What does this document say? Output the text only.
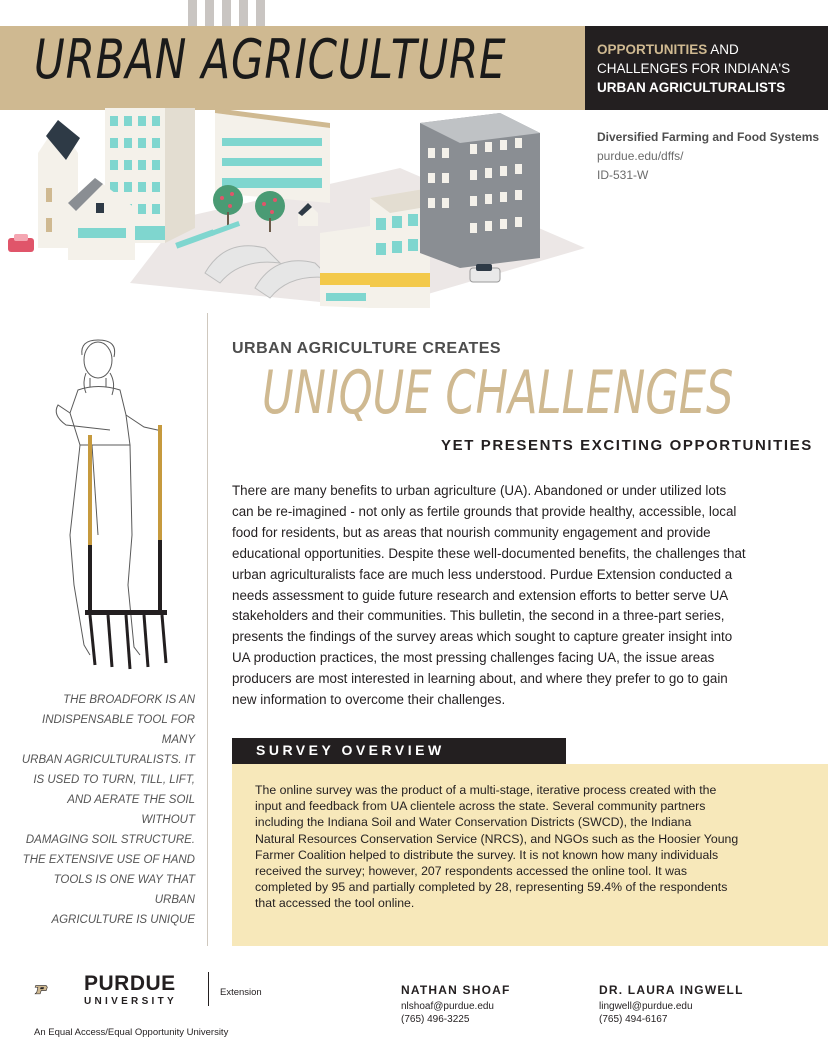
URBAN AGRICULTURE	OPPORTUNITIES AND
CHALLENGES FOR INDIANA'S
URBAN AGRICULTURALISTS
Diversified Farming and Food Systems
purdue.edu/dffs/
ID-531-W
THE BROADFORK IS AN
INDISPENSABLE TOOL FOR MANY
URBAN AGRICULTURALISTS. IT
IS USED TO TURN, TILL, LIFT,
AND AERATE THE SOIL WITHOUT
DAMAGING SOIL STRUCTURE.
THE EXTENSIVE USE OF HAND
TOOLS IS ONE WAY THAT URBAN
AGRICULTURE IS UNIQUE
URBAN AGRICULTURE CREATES
UNIQUE CHALLENGES
YET PRESENTS EXCITING OPPORTUNITIES
There are many benefits to urban agriculture (UA). Abandoned or under utilized lots
can be re-imagined - not only as fertile grounds that provide healthy, accessible, local
food for residents, but as areas that nourish community engagement and provide
educational opportunities. Despite these well-documented benefits, the challenges that
urban agriculturalists face are much less understood. Purdue Extension conducted a
needs assessment to guide future research and extension efforts to better serve UA
stakeholders and their communities. This bulletin, the second in a three-part series,
presents the findings of the survey areas which sought to capture greater insight into
UA production practices, the most pressing challenges facing UA, the issue areas
producers are most interested in learning about, and where they prefer to go to gain
new information to overcome their challenges.
SURVEY OVERVIEW
The online survey was the product of a multi-stage, iterative process created with the
input and feedback from UA clientele across the state. Several community partners
including the Indiana Soil and Water Conservation Districts (SWCD), the Indiana
Natural Resources Conservation Service (NRCS), and NGOs such as the Hoosier Young
Farmer Coalition helped to distribute the survey. It is not known how many individuals
received the survey; however, 207 respondents accessed the online tool. It was
completed by 95 and partially completed by 28, representing 59.4% of the respondents
that accessed the tool online.
PURDUE
UNIVERSITY
Extension
An Equal Access/Equal Opportunity University
NATHAN SHOAF
nlshoaf@purdue.edu
(765) 496-3225
DR. LAURA INGWELL
lingwell@purdue.edu
(765) 494-6167
